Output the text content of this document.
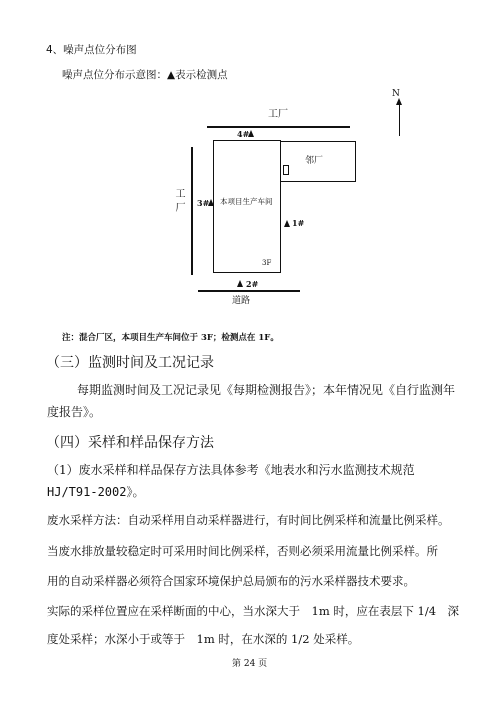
4、噪声点位分布图
噪声点位分布示意图：▲表示检测点
工厂
N
工厂	本项目生产车间
3F
邻厂
4#
3#
1#
2#
道路
注：混合厂区，本项目生产车间位于 3F；检测点在 1F。
（三）监测时间及工况记录
每期监测时间及工况记录见《每期检测报告》；本年情况见《自行监测年
度报告》。
（四）采样和样品保存方法
（1）废水采样和样品保存方法具体参考《地表水和污水监测技术规范
HJ/T91-2002》。
废水采样方法：自动采样用自动采样器进行，有时间比例采样和流量比例采样。
当废水排放量较稳定时可采用时间比例采样，否则必须采用流量比例采样。所
用的自动采样器必须符合国家环境保护总局颁布的污水采样器技术要求。
实际的采样位置应在采样断面的中心，当水深大于　1m 时，应在表层下 1/4　深
度处采样；水深小于或等于　1m 时，在水深的 1/2 处采样。
第 24 页
